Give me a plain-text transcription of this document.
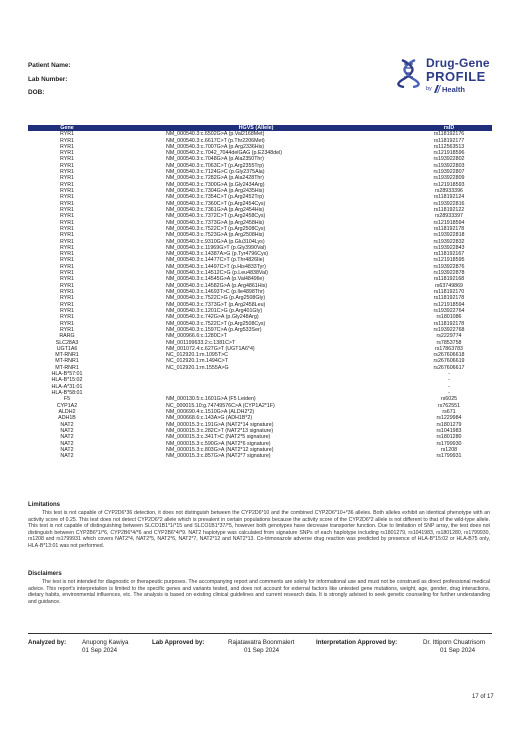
Patient Name:
Lab Number:
DOB:
Drug-Gene
PROFILE
by Health
Gene	HGVS (Allele)	rsID
RYR1	NM_000540.3:c.6502G>A (p.Val2168Met)	rs118192176
RYR1	NM_000540.3:c.6617C>T (p.Thr2206Met)	rs118192177
RYR1	NM_000540.3:c.7007G>A (p.Arg2336His)	rs112563513
RYR1	NM_000540.2:c.7042_7044delGAG (p.E2348del)	rs121918596
RYR1	NM_000540.3:c.7048G>A (p.Ala2350Thr)	rs193922802
RYR1	NM_000540.3:c.7063C>T (p.Arg2355Trp)	rs193922803
RYR1	NM_000540.3:c.7124G>C (p.Gly2375Ala)	rs193922807
RYR1	NM_000540.3:c.7282G>A (p.Ala2428Thr)	rs193922809
RYR1	NM_000540.3:c.7300G>A (p.Gly2434Arg)	rs121918593
RYR1	NM_000540.3:c.7304G>A (p.Arg2435His)	rs28933396
RYR1	NM_000540.3:c.7354C>T (p.Arg2452Trp)	rs118192124
RYR1	NM_000540.3:c.7360C>T (p.Arg2454Cys)	rs193922816
RYR1	NM_000540.3:c.7361G>A (p.Arg2454His)	rs118192122
RYR1	NM_000540.3:c.7372C>T (p.Arg2458Cys)	rs28933397
RYR1	NM_000540.3:c.7373G>A (p.Arg2458His)	rs121918594
RYR1	NM_000540.3:c.7522C>T (p.Arg2508Cys)	rs118192178
RYR1	NM_000540.3:c.7523G>A (p.Arg2508His)	rs193922818
RYR1	NM_000540.3:c.9310G>A (p.Glu3104Lys)	rs193922832
RYR1	NM_000540.3:c.11969G>T (p.Gly3990Val)	rs193922843
RYR1	NM_000540.3:c.14387A>G (p.Tyr4796Cys)	rs118192167
RYR1	NM_000540.3:c.14477C>T (p.Thr4826Ile)	rs121918595
RYR1	NM_000540.3:c.14497C>T (p.His4833Tyr)	rs193922876
RYR1	NM_000540.3:c.14512C>G (p.Leu4838Val)	rs193922878
RYR1	NM_000540.3:c.14545G>A (p.Val4849Ile)	rs118192168
RYR1	NM_000540.3:c.14582G>A (p.Arg4861His)	rs63749869
RYR1	NM_000540.3:c.14693T>C (p.Ile4898Thr)	rs118192170
RYR1	NM_000540.3:c.7522C>G (p.Arg2508Gly)	rs118192178
RYR1	NM_000540.3:c.7373G>T (p.Arg2458Leu)	rs121918594
RYR1	NM_000540.3:c.1201C>G (p.Arg401Gly)	rs193922764
RYR1	NM_000540.3:c.742G>A (p.Gly248Arg)	rs1801086
RYR1	NM_000540.3:c.7522C>T (p.Arg2508Cys)	rs118192178
RYR1	NM_000540.3:c.1597C>A (p.Arg533Ser)	rs193922768
RARG	NM_000966.6:c.1280C>T	rs2229774
SLC28A3	NM_001199633.2:c.1381C>T	rs7853758
UGT1A6	NM_001072.4:c.627G>T (UGT1A6*4)	rs17863783
MT-RNR1	NC_012920.1:m.1095T>C	rs267606618
MT-RNR1	NC_012920.1:m.1494C>T	rs267606619
MT-RNR1	NC_012920.1:m.1555A>G	rs267606617
HLA-B*57:01		-
HLA-B*15:02		-
HLA-A*31:01		-
HLA-B*58:01		-
F5	NM_000130.5:c.1601G>A (F5 Leiden)	rs6025
CYP1A2	NC_000015.10:g.74749576C>A (CYP1A2*1F)	rs762551
ALDH2	NM_000690.4:c.1510G>A (ALDH2*2)	rs671
ADH1B	NM_000668.6:c.143A>G (ADH1B*2)	rs1229984
NAT2	NM_000015.3:c.191G>A (NAT2*14 signature)	rs1801279
NAT2	NM_000015.3:c.282C>T (NAT2*13 signature)	rs1041983
NAT2	NM_000015.3:c.341T>C (NAT2*5 signature)	rs1801280
NAT2	NM_000015.3:c.590G>A (NAT2*6 signature)	rs1799930
NAT2	NM_000015.3:c.803G>A (NAT2*12 signature)	rs1208
NAT2	NM_000015.3:c.857G>A (NAT2*7 signature)	rs1799931
Limitations
This test is not capable of CYP2D6*36 detection, it does not distinguish between the CYP2D6*10 and the combined CYP2D6*10+*36 alleles. Both alleles exhibit an identical phenotype with an activity score of 0.25. This test does not detect CYP2D6*2 allele which is prevalent in certain populations because the activity score of the CYP2D6*2 allele is not different to that of the wild-type allele. This test is not capable of distinguishing between SLCO1B1*1/*15 and SLCO1B1*37/*5, however both genotypes have decrease transporter function. Due to limitation of SNP array, the test does not distinguish between CYP2B6*1/*6, CYP2B6*4/*6 and CYP2B6*4/*9. NAT2 haplotype was calculated from signature SNPs of each haplotype including rs1801279, rs1041983, rs1801280, rs1799930, rs1208 and rs1799931 which covers NAT2*4, NAT2*5, NAT2*6, NAT2*7, NAT2*12 and NAT2*13. Co-trimoxazole adverse drug reaction was predicted by presence of HLA-B*15:02 or HLA-B75 only, HLA-B*13:01 was not performed.
Disclaimers
The test is not intended for diagnostic or therapeutic purposes. The accompanying report and comments are solely for informational use and must not be construed as direct professional medical advice. This report's interpretation is limited to the specific genes and variants tested, and does not account for external factors like untested gene mutations, weight, age, gender, drug interactions, dietary habits, environmental influences, etc. The analysis is based on existing clinical guidelines and current research data. It is strongly advised to seek genetic counseling for further understanding and guidance.
Analyzed by:	Anupong Kawiya
01 Sep 2024
Lab Approved by:	Rajatawatra Boonmalert
01 Sep 2024
Interpretation Approved by:	Dr. Ittiporn Chuatrisorn
01 Sep 2024
17 of 17
